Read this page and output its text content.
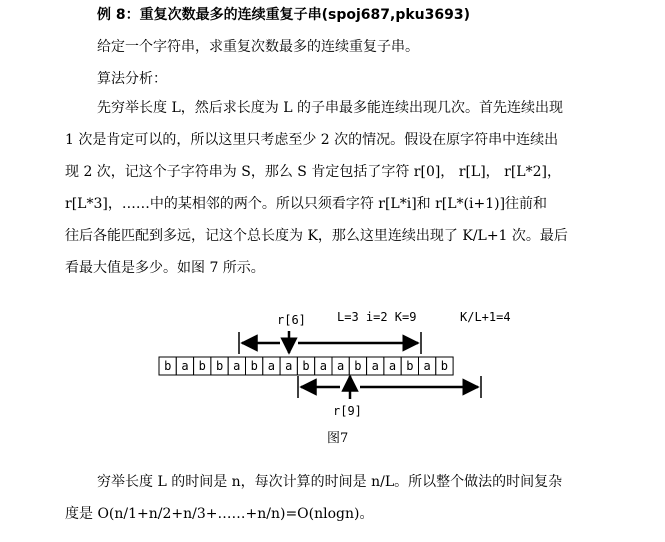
例 8：重复次数最多的连续重复子串(spoj687,pku3693)
给定一个字符串，求重复次数最多的连续重复子串。
算法分析：
先穷举长度 L，然后求长度为 L 的子串最多能连续出现几次。首先连续出现
1 次是肯定可以的，所以这里只考虑至少 2 次的情况。假设在原字符串中连续出
现 2 次，记这个子字符串为 S，那么 S 肯定包括了字符 r[0]， r[L]， r[L*2]，
r[L*3]，……中的某相邻的两个。所以只须看字符 r[L*i]和 r[L*(i+1)]往前和
往后各能匹配到多远，记这个总长度为 K，那么这里连续出现了 K/L+1 次。最后
看最大值是多少。如图 7 所示。
r[6]	L=3 i=2 K=9	K/L+1=4
b a b b a b a a b a a b a a b a b
r[9]
图7
穷举长度 L 的时间是 n，每次计算的时间是 n/L。所以整个做法的时间复杂
度是 O(n/1+n/2+n/3+……+n/n)=O(nlogn)。
